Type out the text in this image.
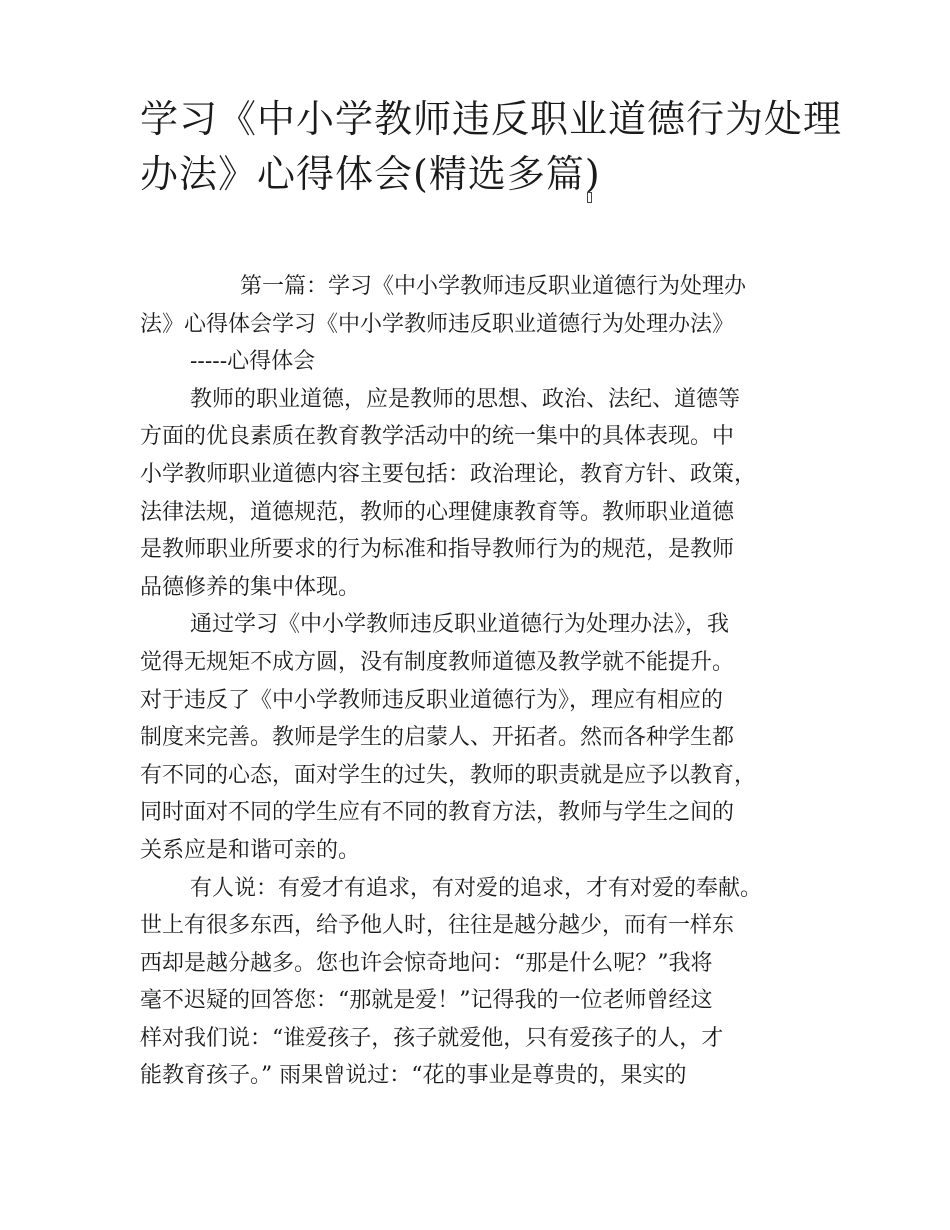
学习《中小学教师违反职业道德行为处理
办法》心得体会(精选多篇)
第一篇：学习《中小学教师违反职业道德行为处理办
法》心得体会学习《中小学教师违反职业道德行为处理办法》
-----心得体会
教师的职业道德，应是教师的思想、政治、法纪、道德等
方面的优良素质在教育教学活动中的统一集中的具体表现。中
小学教师职业道德内容主要包括：政治理论，教育方针、政策，
法律法规，道德规范，教师的心理健康教育等。教师职业道德
是教师职业所要求的行为标准和指导教师行为的规范，是教师
品德修养的集中体现。
通过学习《中小学教师违反职业道德行为处理办法》，我
觉得无规矩不成方圆，没有制度教师道德及教学就不能提升。
对于违反了《中小学教师违反职业道德行为》，理应有相应的
制度来完善。教师是学生的启蒙人、开拓者。然而各种学生都
有不同的心态，面对学生的过失，教师的职责就是应予以教育，
同时面对不同的学生应有不同的教育方法，教师与学生之间的
关系应是和谐可亲的。
有人说：有爱才有追求，有对爱的追求，才有对爱的奉献。
世上有很多东西，给予他人时，往往是越分越少，而有一样东
西却是越分越多。您也许会惊奇地问：“那是什么呢？”我将
毫不迟疑的回答您：“那就是爱！”记得我的一位老师曾经这
样对我们说：“谁爱孩子，孩子就爱他，只有爱孩子的人，才
能教育孩子。” 雨果曾说过：“花的事业是尊贵的，果实的
